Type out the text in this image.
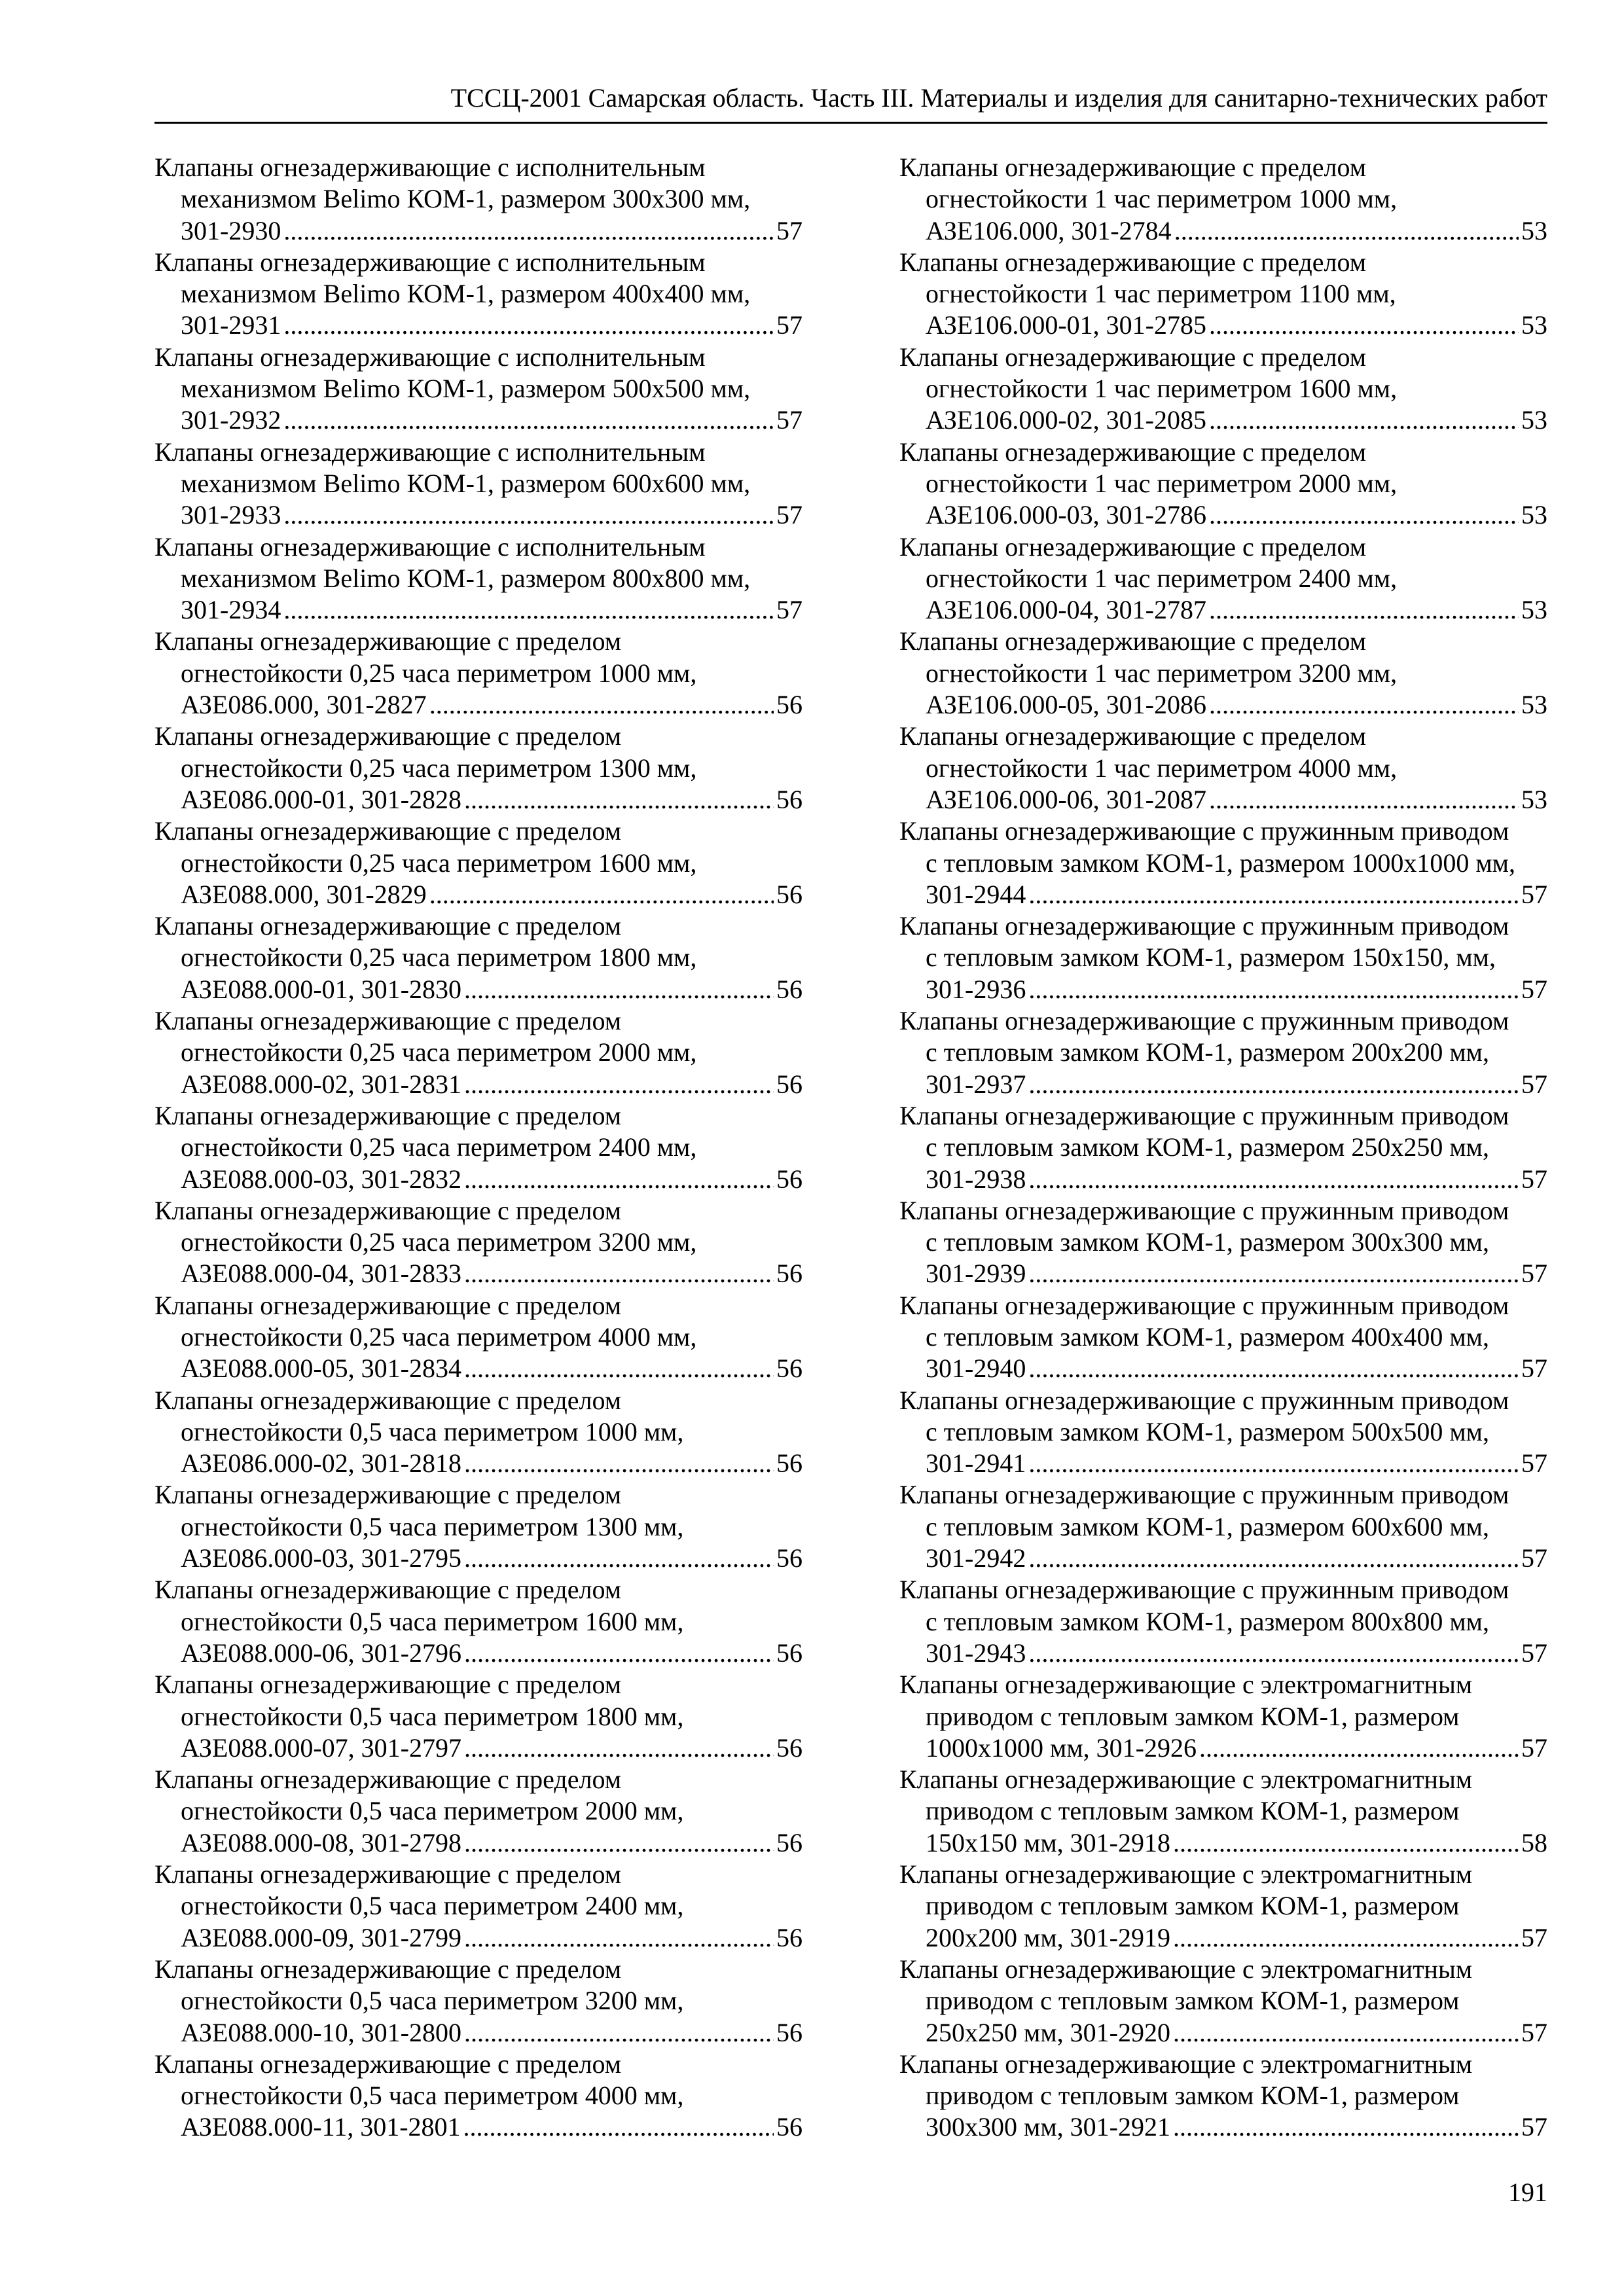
ТССЦ-2001 Самарская область. Часть III. Материалы и изделия для санитарно-технических работ
Клапаны огнезадерживающие с исполнительным
механизмом Belimo КОМ-1, размером 300х300 мм,
301-2930 .....	57
Клапаны огнезадерживающие с исполнительным
механизмом Belimo КОМ-1, размером 400х400 мм,
301-2931 .....	57
Клапаны огнезадерживающие с исполнительным
механизмом Belimo КОМ-1, размером 500х500 мм,
301-2932 .....	57
Клапаны огнезадерживающие с исполнительным
механизмом Belimo КОМ-1, размером 600х600 мм,
301-2933 .....	57
Клапаны огнезадерживающие с исполнительным
механизмом Belimo КОМ-1, размером 800х800 мм,
301-2934 .....	57
Клапаны огнезадерживающие с пределом
огнестойкости 0,25 часа периметром 1000 мм,
АЗЕ086.000, 301-2827 .....	56
Клапаны огнезадерживающие с пределом
огнестойкости 0,25 часа периметром 1300 мм,
АЗЕ086.000-01, 301-2828 .....	56
Клапаны огнезадерживающие с пределом
огнестойкости 0,25 часа периметром 1600 мм,
АЗЕ088.000, 301-2829 .....	56
Клапаны огнезадерживающие с пределом
огнестойкости 0,25 часа периметром 1800 мм,
АЗЕ088.000-01, 301-2830 .....	56
Клапаны огнезадерживающие с пределом
огнестойкости 0,25 часа периметром 2000 мм,
АЗЕ088.000-02, 301-2831 .....	56
Клапаны огнезадерживающие с пределом
огнестойкости 0,25 часа периметром 2400 мм,
АЗЕ088.000-03, 301-2832 .....	56
Клапаны огнезадерживающие с пределом
огнестойкости 0,25 часа периметром 3200 мм,
АЗЕ088.000-04, 301-2833 .....	56
Клапаны огнезадерживающие с пределом
огнестойкости 0,25 часа периметром 4000 мм,
АЗЕ088.000-05, 301-2834 .....	56
Клапаны огнезадерживающие с пределом
огнестойкости 0,5 часа периметром 1000 мм,
АЗЕ086.000-02, 301-2818 .....	56
Клапаны огнезадерживающие с пределом
огнестойкости 0,5 часа периметром 1300 мм,
АЗЕ086.000-03, 301-2795 .....	56
Клапаны огнезадерживающие с пределом
огнестойкости 0,5 часа периметром 1600 мм,
АЗЕ088.000-06, 301-2796 .....	56
Клапаны огнезадерживающие с пределом
огнестойкости 0,5 часа периметром 1800 мм,
АЗЕ088.000-07, 301-2797 .....	56
Клапаны огнезадерживающие с пределом
огнестойкости 0,5 часа периметром 2000 мм,
АЗЕ088.000-08, 301-2798 .....	56
Клапаны огнезадерживающие с пределом
огнестойкости 0,5 часа периметром 2400 мм,
АЗЕ088.000-09, 301-2799 .....	56
Клапаны огнезадерживающие с пределом
огнестойкости 0,5 часа периметром 3200 мм,
АЗЕ088.000-10, 301-2800 .....	56
Клапаны огнезадерживающие с пределом
огнестойкости 0,5 часа периметром 4000 мм,
АЗЕ088.000-11, 301-2801 .....	56
Клапаны огнезадерживающие с пределом
огнестойкости 1 час периметром 1000 мм,
АЗЕ106.000, 301-2784 .....	53
Клапаны огнезадерживающие с пределом
огнестойкости 1 час периметром 1100 мм,
АЗЕ106.000-01, 301-2785 .....	53
Клапаны огнезадерживающие с пределом
огнестойкости 1 час периметром 1600 мм,
АЗЕ106.000-02, 301-2085 .....	53
Клапаны огнезадерживающие с пределом
огнестойкости 1 час периметром 2000 мм,
АЗЕ106.000-03, 301-2786 .....	53
Клапаны огнезадерживающие с пределом
огнестойкости 1 час периметром 2400 мм,
АЗЕ106.000-04, 301-2787 .....	53
Клапаны огнезадерживающие с пределом
огнестойкости 1 час периметром 3200 мм,
АЗЕ106.000-05, 301-2086 .....	53
Клапаны огнезадерживающие с пределом
огнестойкости 1 час периметром 4000 мм,
АЗЕ106.000-06, 301-2087 .....	53
Клапаны огнезадерживающие с пружинным приводом
с тепловым замком КОМ-1, размером 1000х1000 мм,
301-2944 .....	57
Клапаны огнезадерживающие с пружинным приводом
с тепловым замком КОМ-1, размером 150х150, мм,
301-2936 .....	57
Клапаны огнезадерживающие с пружинным приводом
с тепловым замком КОМ-1, размером 200х200 мм,
301-2937 .....	57
Клапаны огнезадерживающие с пружинным приводом
с тепловым замком КОМ-1, размером 250х250 мм,
301-2938 .....	57
Клапаны огнезадерживающие с пружинным приводом
с тепловым замком КОМ-1, размером 300х300 мм,
301-2939 .....	57
Клапаны огнезадерживающие с пружинным приводом
с тепловым замком КОМ-1, размером 400х400 мм,
301-2940 .....	57
Клапаны огнезадерживающие с пружинным приводом
с тепловым замком КОМ-1, размером 500х500 мм,
301-2941 .....	57
Клапаны огнезадерживающие с пружинным приводом
с тепловым замком КОМ-1, размером 600х600 мм,
301-2942 .....	57
Клапаны огнезадерживающие с пружинным приводом
с тепловым замком КОМ-1, размером 800х800 мм,
301-2943 .....	57
Клапаны огнезадерживающие с электромагнитным
приводом с тепловым замком КОМ-1, размером
1000х1000 мм, 301-2926 .....	57
Клапаны огнезадерживающие с электромагнитным
приводом с тепловым замком КОМ-1, размером
150х150 мм, 301-2918 .....	58
Клапаны огнезадерживающие с электромагнитным
приводом с тепловым замком КОМ-1, размером
200х200 мм, 301-2919 .....	57
Клапаны огнезадерживающие с электромагнитным
приводом с тепловым замком КОМ-1, размером
250х250 мм, 301-2920 .....	57
Клапаны огнезадерживающие с электромагнитным
приводом с тепловым замком КОМ-1, размером
300х300 мм, 301-2921 .....	57
191
